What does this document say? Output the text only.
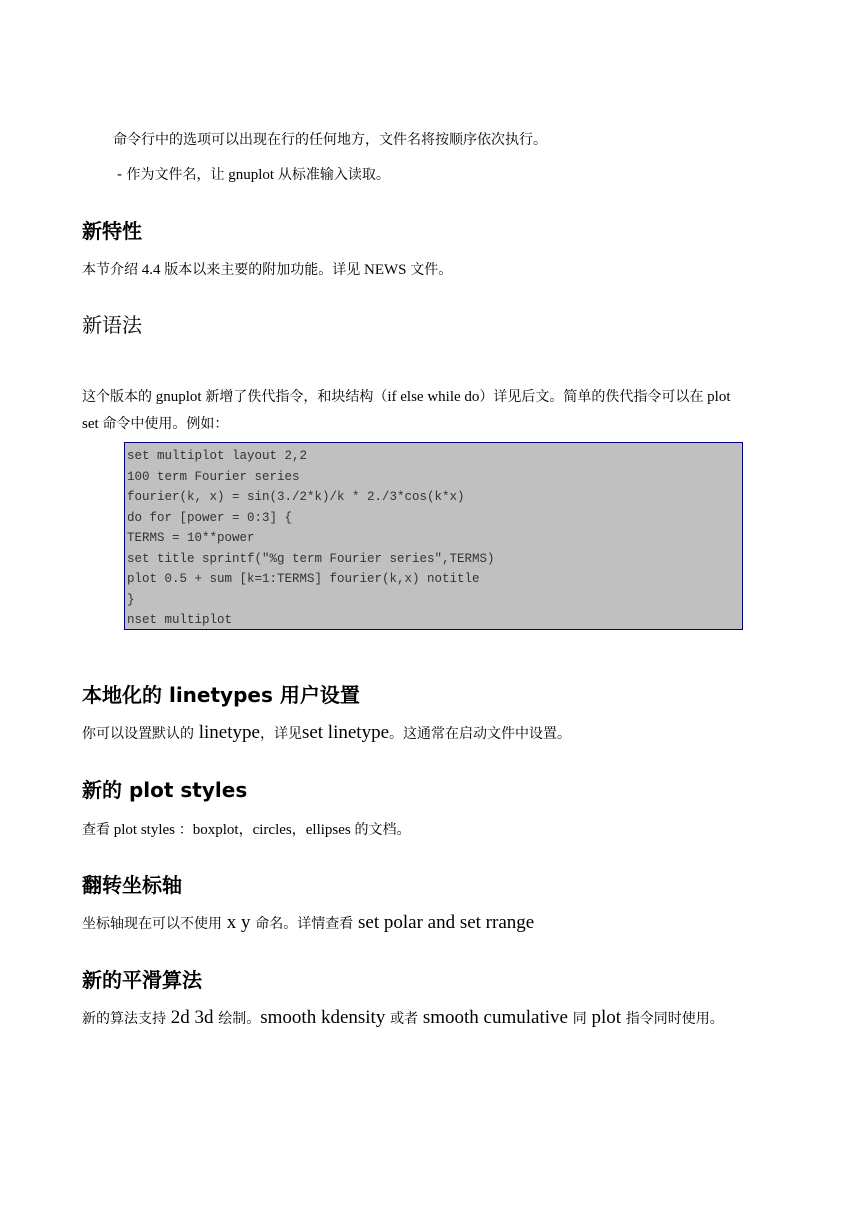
命令行中的选项可以出现在行的任何地方，文件名将按顺序依次执行。
- 作为文件名，让 gnuplot 从标准输入读取。
新特性
本节介绍 4.4 版本以来主要的附加功能。详见 NEWS 文件。
新语法
这个版本的 gnuplot 新增了佚代指令，和块结构（if else while do）详见后文。简单的佚代指令可以在 plot
set 命令中使用。例如：
set multiplot layout 2,2
100 term Fourier series
fourier(k, x) = sin(3./2*k)/k * 2./3*cos(k*x)
do for [power = 0:3] {
TERMS = 10**power
set title sprintf("%g term Fourier series",TERMS)
plot 0.5 + sum [k=1:TERMS] fourier(k,x) notitle
}
nset multiplot
本地化的 linetypes 用户设置
你可以设置默认的 linetype，详见set linetype。这通常在启动文件中设置。
新的 plot styles
查看 plot styles ：boxplot，circles，ellipses 的文档。
翻转坐标轴
坐标轴现在可以不使用 x y 命名。详情查看 set polar and set rrange
新的平滑算法
新的算法支持 2d 3d 绘制。smooth kdensity 或者 smooth cumulative 同 plot 指令同时使用。
